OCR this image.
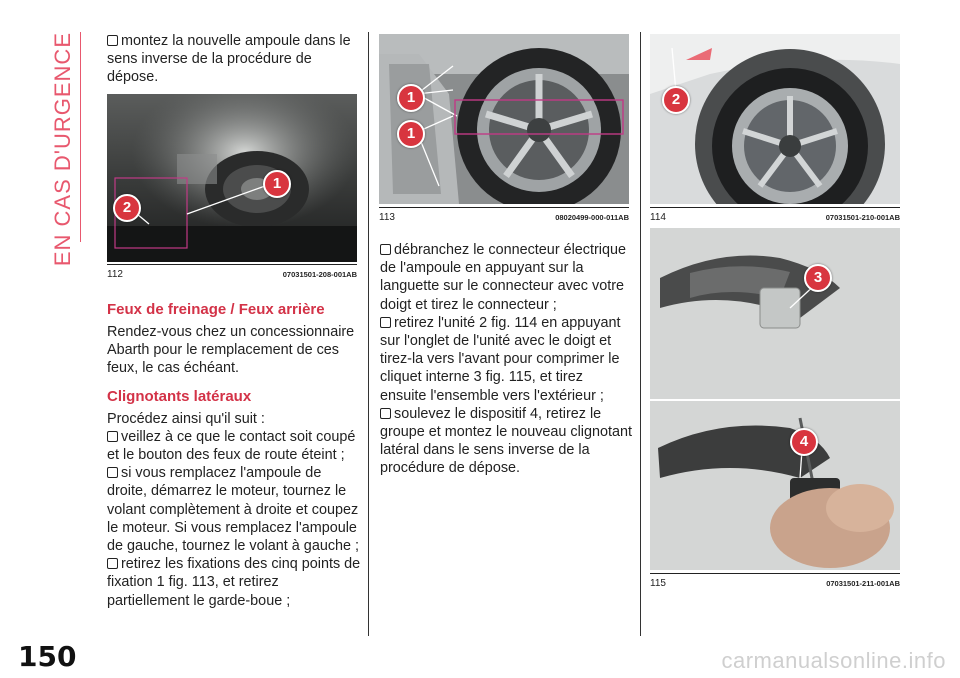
EN CAS D'URGENCE
150
montez la nouvelle ampoule dans le sens inverse de la procédure de dépose.
1
2
112	07031501-208-001AB
Feux de freinage / Feux arrière
Rendez-vous chez un concessionnaire Abarth pour le remplacement de ces feux, le cas échéant.
Clignotants latéraux
Procédez ainsi qu'il suit :
veillez à ce que le contact soit coupé et le bouton des feux de route éteint ;
si vous remplacez l'ampoule de droite, démarrez le moteur, tournez le volant complètement à droite et coupez le moteur. Si vous remplacez l'ampoule de gauche, tournez le volant à gauche ;
retirez les fixations des cinq points de fixation 1 fig. 113, et retirez partiellement le garde-boue ;
1
1
113	08020499-000-011AB
débranchez le connecteur électrique de l'ampoule en appuyant sur la languette sur le connecteur avec votre doigt et tirez le connecteur ;
retirez l'unité 2 fig. 114 en appuyant sur l'onglet de l'unité avec le doigt et tirez-la vers l'avant pour comprimer le cliquet interne 3 fig. 115, et tirez ensuite l'ensemble vers l'extérieur ;
soulevez le dispositif 4, retirez le groupe et montez le nouveau clignotant latéral dans le sens inverse de la procédure de dépose.
2
114	07031501-210-001AB
3
4
115	07031501-211-001AB
carmanualsonline.info
